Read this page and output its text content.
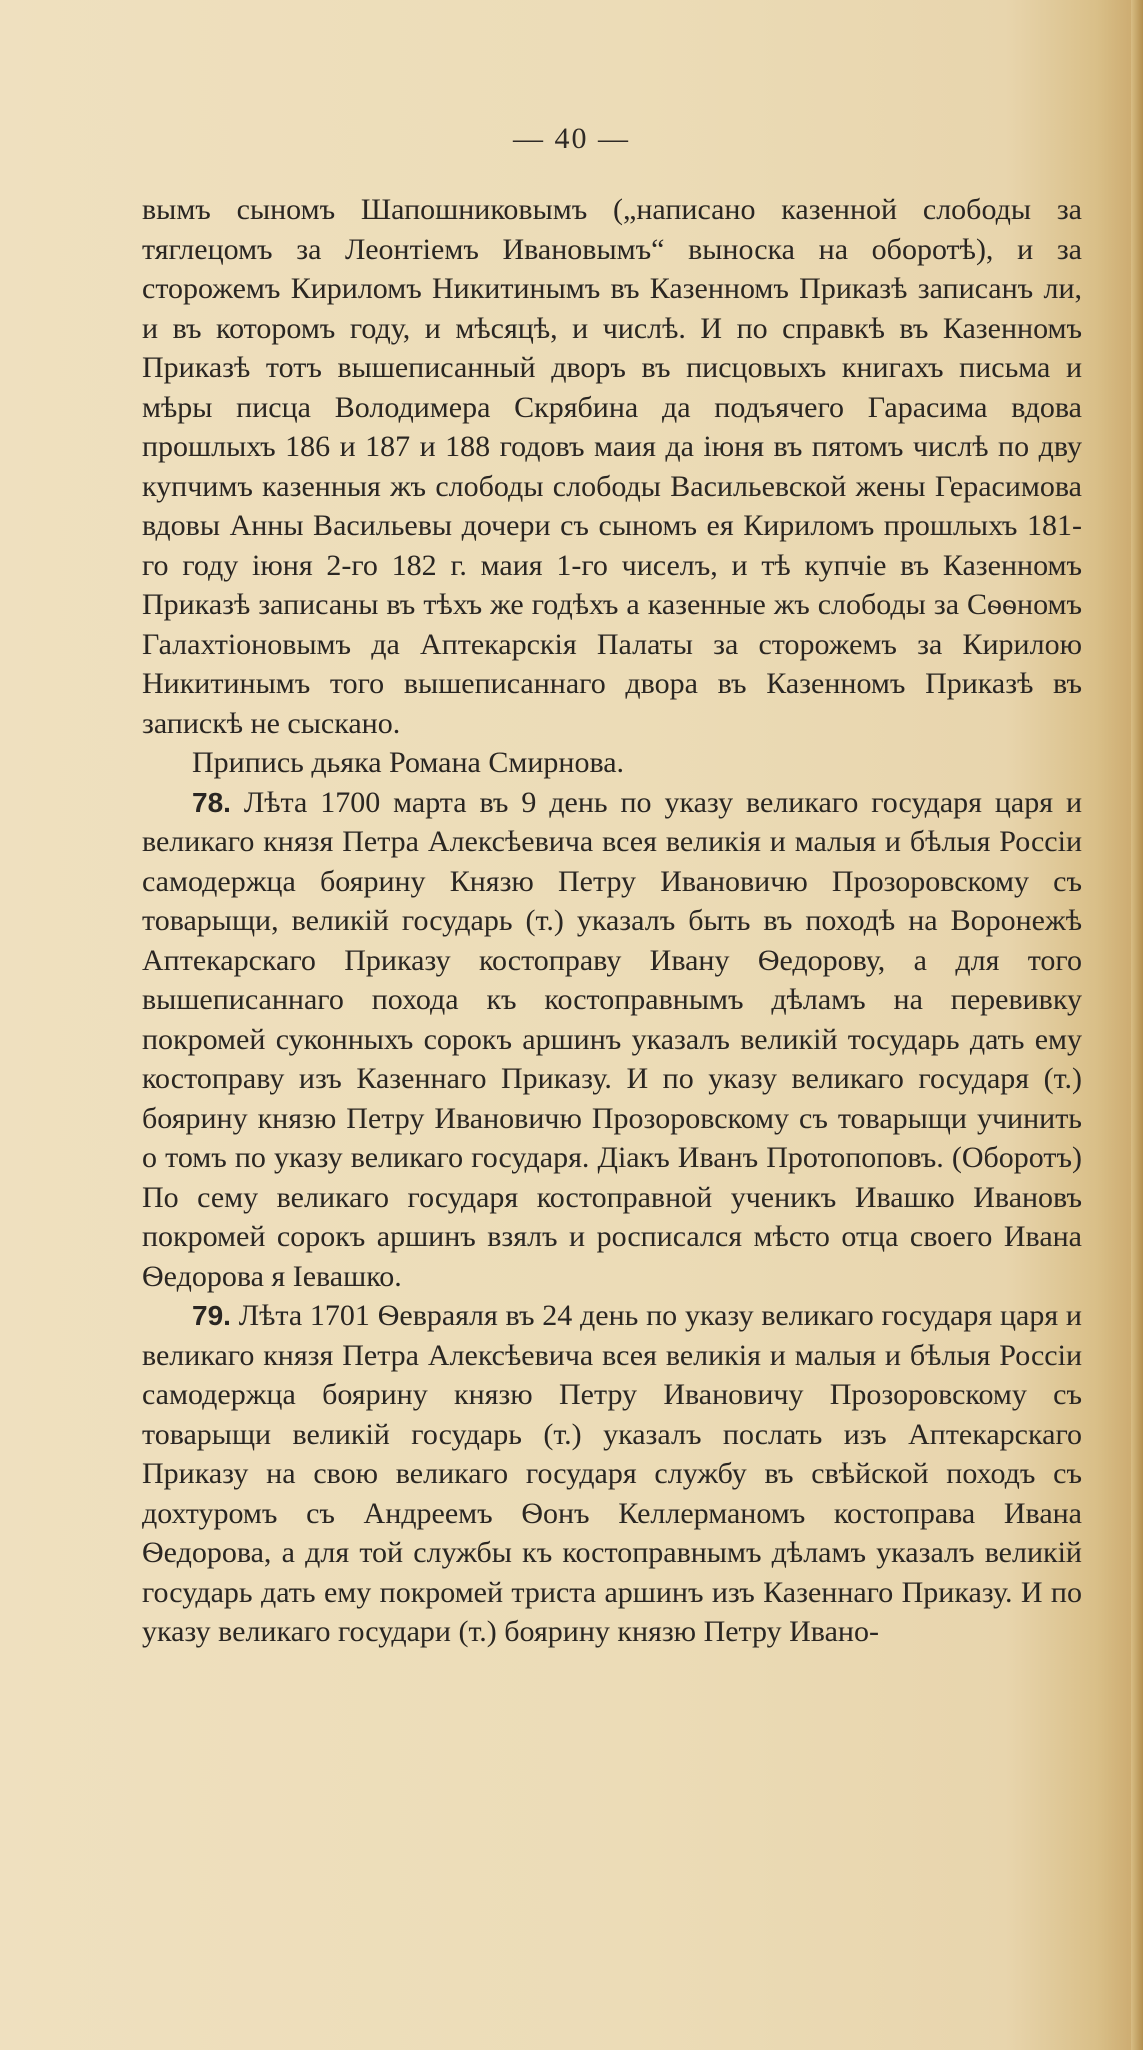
— 40 —

вымъ сыномъ Шапошниковымъ („написано казенной слободы за тяглецомъ за Леонтіемъ Ивановымъ“ выноска на оборотѣ), и за сторожемъ Кириломъ Никитинымъ въ Казенномъ Приказѣ записанъ ли, и въ которомъ году, и мѣсяцѣ, и числѣ. И по справкѣ въ Казенномъ Приказѣ тотъ вышеписанный дворъ въ писцовыхъ книгахъ письма и мѣры писца Володимера Скрябина да подъячего Гарасима вдова прошлыхъ 186 и 187 и 188 годовъ маия да іюня въ пятомъ числѣ по дву купчимъ казенныя жъ слободы слободы Васильевской жены Герасимова вдовы Анны Васильевы дочери съ сыномъ ея Кириломъ прошлыхъ 181-го году іюня 2-го 182 г. маия 1-го чиселъ, и тѣ купчіе въ Казенномъ Приказѣ записаны въ тѣхъ же годѣхъ а казенные жъ слободы за Сѳѳномъ Галахтіоновымъ да Аптекарскія Палаты за сторожемъ за Кирилою Никитинымъ того вышеписаннаго двора въ Казенномъ Приказѣ въ запискѣ не сыскано.

Припись дьяка Романа Смирнова.

78. Лѣта 1700 марта въ 9 день по указу великаго государя царя и великаго князя Петра Алексѣевича всея великія и малыя и бѣлыя Россіи самодержца боярину Князю Петру Ивановичю Прозоровскому съ товарыщи, великій государь (т.) указалъ быть въ походѣ на Воронежѣ Аптекарскаго Приказу костоправу Ивану Ѳедорову, а для того вышеписаннаго похода къ костоправнымъ дѣламъ на перевивку покромей суконныхъ сорокъ аршинъ указалъ великій тосударь дать ему костоправу изъ Казеннаго Приказу. И по указу великаго государя (т.) боярину князю Петру Ивановичю Прозоровскому съ товарыщи учинить о томъ по указу великаго государя. Діакъ Иванъ Протопоповъ. (Оборотъ) По сему великаго государя костоправной ученикъ Ивашко Ивановъ покромей сорокъ аршинъ взялъ и росписался мѣсто отца своего Ивана Ѳедорова я Іевашко.

79. Лѣта 1701 Ѳевраяля въ 24 день по указу великаго государя царя и великаго князя Петра Алексѣевича всея великія и малыя и бѣлыя Россіи самодержца боярину князю Петру Ивановичу Прозоровскому съ товарыщи великій государь (т.) указалъ послать изъ Аптекарскаго Приказу на свою великаго государя службу въ свѣйской походъ съ дохтуромъ съ Андреемъ Ѳонъ Келлерманомъ костоправа Ивана Ѳедорова, а для той службы къ костоправнымъ дѣламъ указалъ великій государь дать ему покромей триста аршинъ изъ Казеннаго Приказу. И по указу великаго государи (т.) боярину князю Петру Ивано-
